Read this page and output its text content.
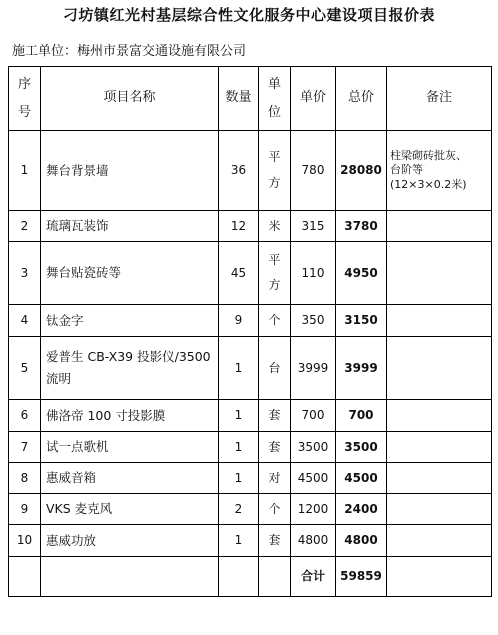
刁坊镇红光村基层综合性文化服务中心建设项目报价表
施工单位：梅州市景富交通设施有限公司
序号	项目名称	数量	单位	单价	总价	备注
1	舞台背景墙	36	平方	780	28080	柱梁砌砖批灰、
台阶等
(12×3×0.2米)

2	琉璃瓦装饰	12	米	315	3780	
3	舞台贴瓷砖等	45	平方	110	4950	
4	钛金字	9	个	350	3150	
5	爱普生 CB-X39 投影仪/3500
流明	1	台	3999	3999	
6	佛洛帝 100 寸投影膜	1	套	700	700	
7	试一点歌机	1	套	3500	3500	
8	惠威音箱	1	对	4500	4500	
9	VKS 麦克风	2	个	1200	2400	
10	惠威功放	1	套	4800	4800	
				合计	59859	
